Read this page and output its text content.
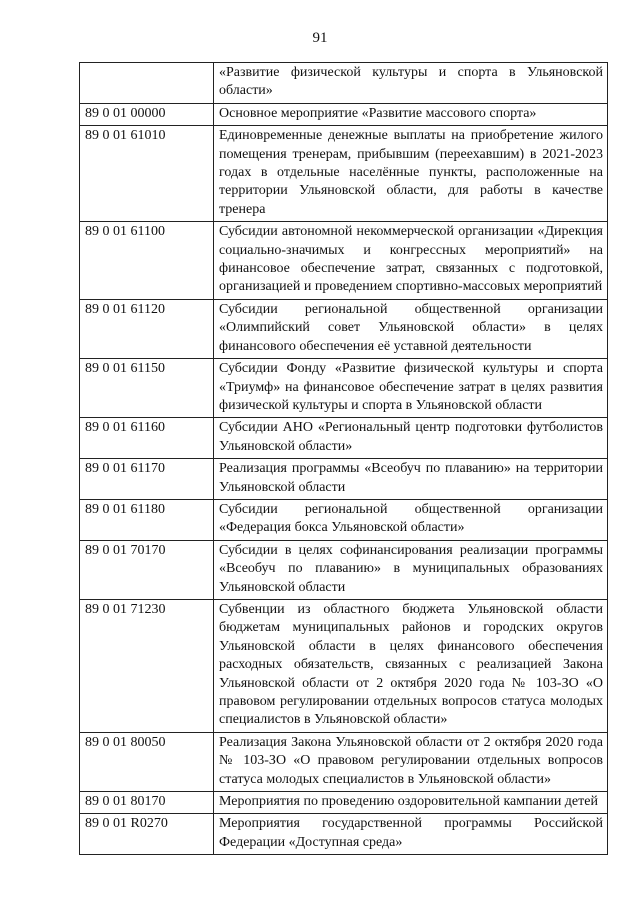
91
	«Развитие физической культуры и спорта в Ульяновской области»
89 0 01 00000	Основное мероприятие «Развитие массового спорта»
89 0 01 61010	Единовременные денежные выплаты на приобретение жилого помещения тренерам, прибывшим (переехавшим) в 2021-2023 годах в отдельные населённые пункты, расположенные на территории Ульяновской области, для работы в качестве тренера
89 0 01 61100	Субсидии автономной некоммерческой организации «Дирекция социально-значимых и конгрессных мероприятий» на финансовое обеспечение затрат, связанных с подготовкой, организацией и проведением спортивно-массовых мероприятий
89 0 01 61120	Субсидии региональной общественной организации «Олимпийский совет Ульяновской области» в целях финансового обеспечения её уставной деятельности
89 0 01 61150	Субсидии Фонду «Развитие физической культуры и спорта «Триумф» на финансовое обеспечение затрат в целях развития физической культуры и спорта в Ульяновской области
89 0 01 61160	Субсидии АНО «Региональный центр подготовки футболистов Ульяновской области»
89 0 01 61170	Реализация программы «Всеобуч по плаванию» на территории Ульяновской области
89 0 01 61180	Субсидии региональной общественной организации «Федерация бокса Ульяновской области»
89 0 01 70170	Субсидии в целях софинансирования реализации программы «Всеобуч по плаванию» в муниципальных образованиях Ульяновской области
89 0 01 71230	Субвенции из областного бюджета Ульяновской области бюджетам муниципальных районов и городских округов Ульяновской области в целях финансового обеспечения расходных обязательств, связанных с реализацией Закона Ульяновской области от 2 октября 2020 года № 103-ЗО «О правовом регулировании отдельных вопросов статуса молодых специалистов в Ульяновской области»
89 0 01 80050	Реализация Закона Ульяновской области от 2 октября 2020 года № 103-ЗО «О правовом регулировании отдельных вопросов статуса молодых специалистов в Ульяновской области»
89 0 01 80170	Мероприятия по проведению оздоровительной кампании детей
89 0 01 R0270	Мероприятия государственной программы Российской Федерации «Доступная среда»
